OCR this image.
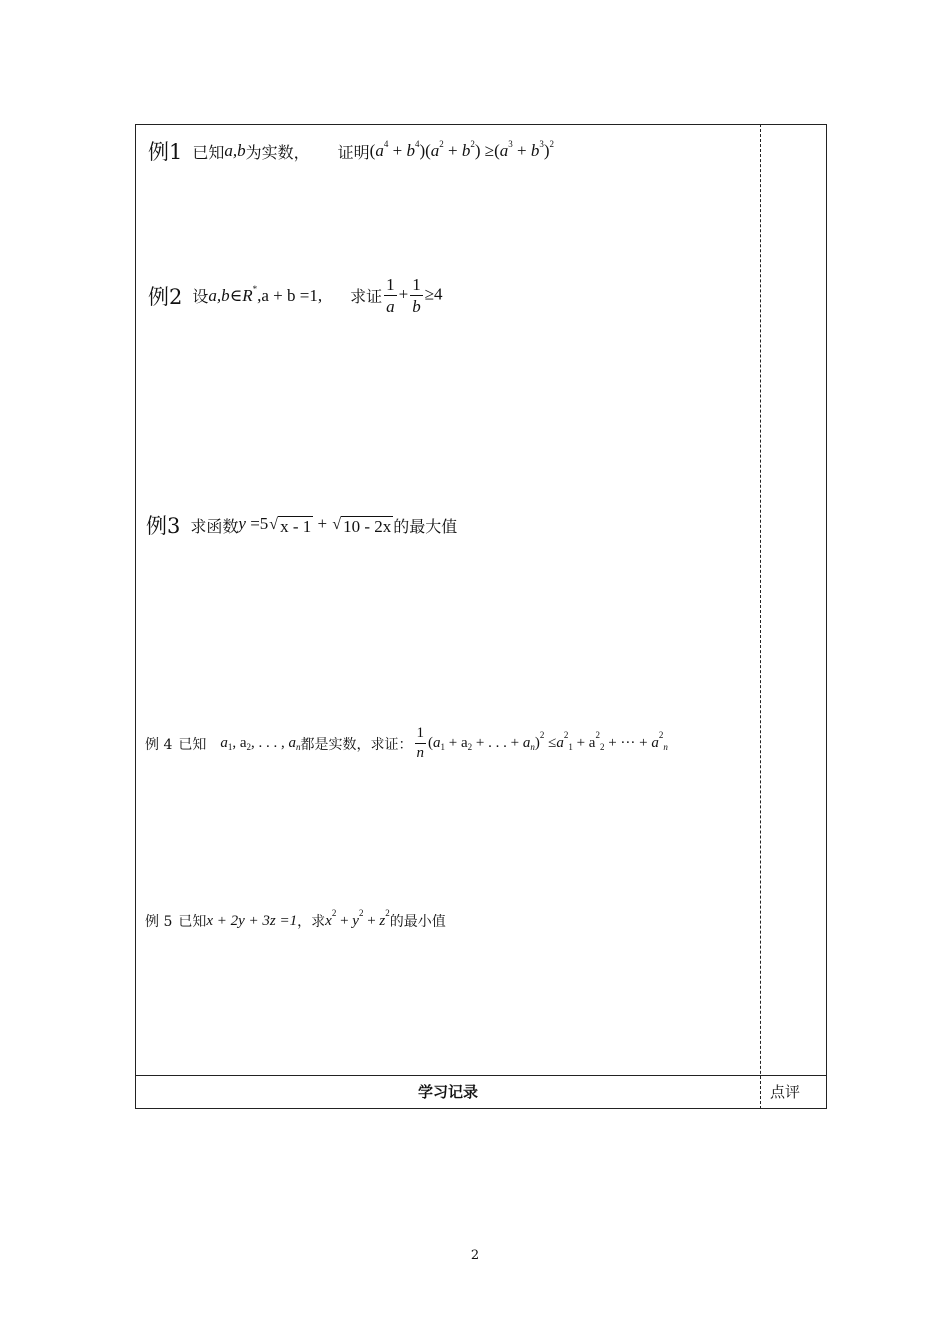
例1 已知 a,b 为实数， 证明 $(a^4 + b^4)(a^2 + b^2) \ge(a^3 + b^3)^2$
例2 设 a,b∈R*,a + b =1, 求证 $\frac{1}{a} + \frac{1}{b} \ge 4$
例3 求函数 y =5 √ x - 1 + √ 10 - 2x 的最大值
例 4 已知 $a_1$, $a_2$, . . . , $a_n$ 都是实数，求证： $\frac{1}{n} (a_1 + a_2$ + . . . + $a_n)^2 \le a^2_1 + a^2_2$ + ··· + $a^2_n$
例 5 已知 x + 2y + 3z =1 ，求 $x^2 + y^2 + z^2$
的最小值
学习记录	点评
2
